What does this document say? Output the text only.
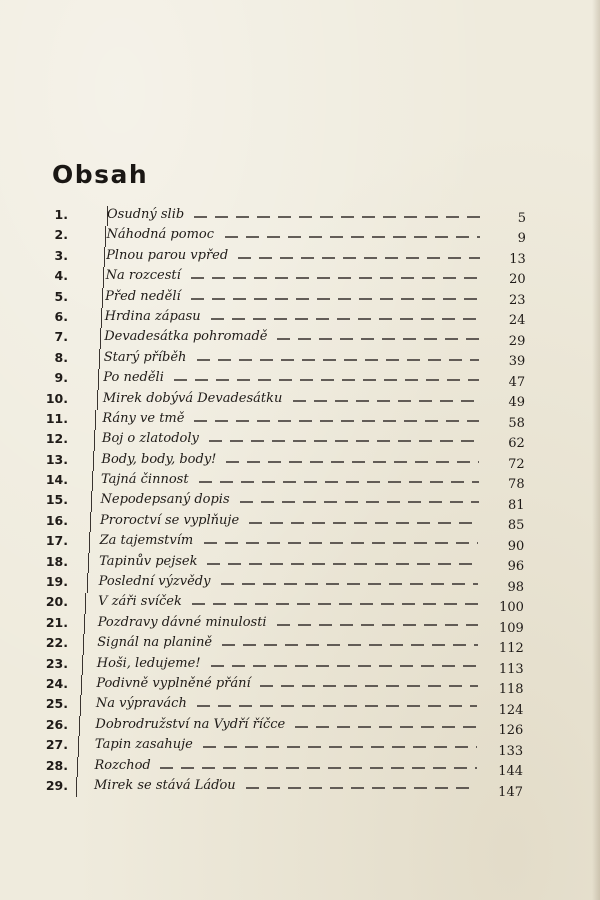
Obsah
1.	Osudný slib	5
2.	Náhodná pomoc	9
3.	Plnou parou vpřed	13
4.	Na rozcestí	20
5.	Před nedělí	23
6.	Hrdina zápasu	24
7.	Devadesátka pohromadě	29
8.	Starý příběh	39
9.	Po neděli	47
10.	Mirek dobývá Devadesátku	49
11.	Rány ve tmě	58
12.	Boj o zlatodoly	62
13.	Body, body, body!	72
14.	Tajná činnost	78
15.	Nepodepsaný dopis	81
16. Proroctví se vyplňuje	85
17. Za tajemstvím	90
18. Tapinův pejsek	96
19. Poslední výzvědy	98
20. V záři svíček	100
21. Pozdravy dávné minulosti	109
22. Signál na planině	112
23. Hoši, ledujeme!	113
24. Podivně vyplněné přání	118
25. Na výpravách	124
26. Dobrodružství na Vydří říčce	126
27. Tapin zasahuje	133
28. Rozchod	144
29. Mirek se stává Láďou	147
